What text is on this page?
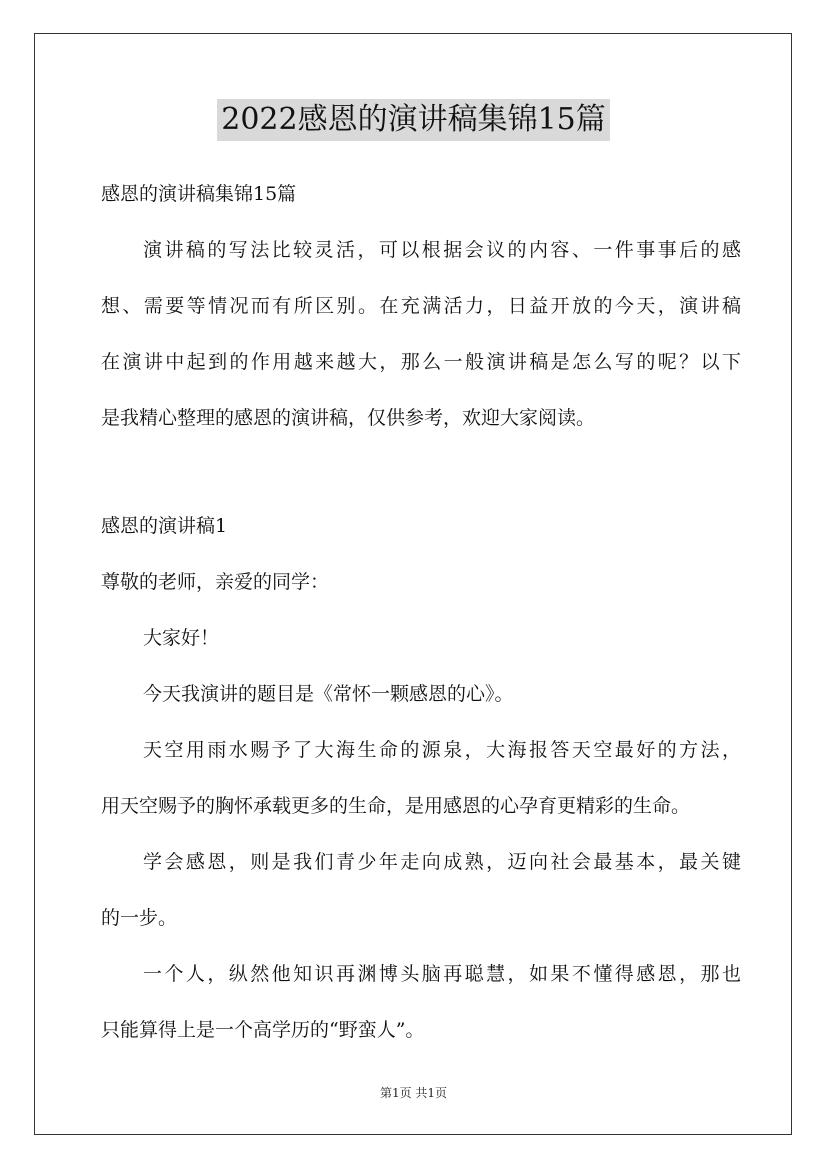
2022感恩的演讲稿集锦15篇
感恩的演讲稿集锦15篇
演讲稿的写法比较灵活，可以根据会议的内容、一件事事后的感
想、需要等情况而有所区别。在充满活力，日益开放的今天，演讲稿
在演讲中起到的作用越来越大，那么一般演讲稿是怎么写的呢？以下
是我精心整理的感恩的演讲稿，仅供参考，欢迎大家阅读。
感恩的演讲稿1
尊敬的老师，亲爱的同学：
大家好！
今天我演讲的题目是《常怀一颗感恩的心》。
天空用雨水赐予了大海生命的源泉，大海报答天空最好的方法，
用天空赐予的胸怀承载更多的生命，是用感恩的心孕育更精彩的生命。
学会感恩，则是我们青少年走向成熟，迈向社会最基本，最关键
的一步。
一个人，纵然他知识再渊博头脑再聪慧，如果不懂得感恩，那也
只能算得上是一个高学历的“野蛮人”。
第1页 共1页
